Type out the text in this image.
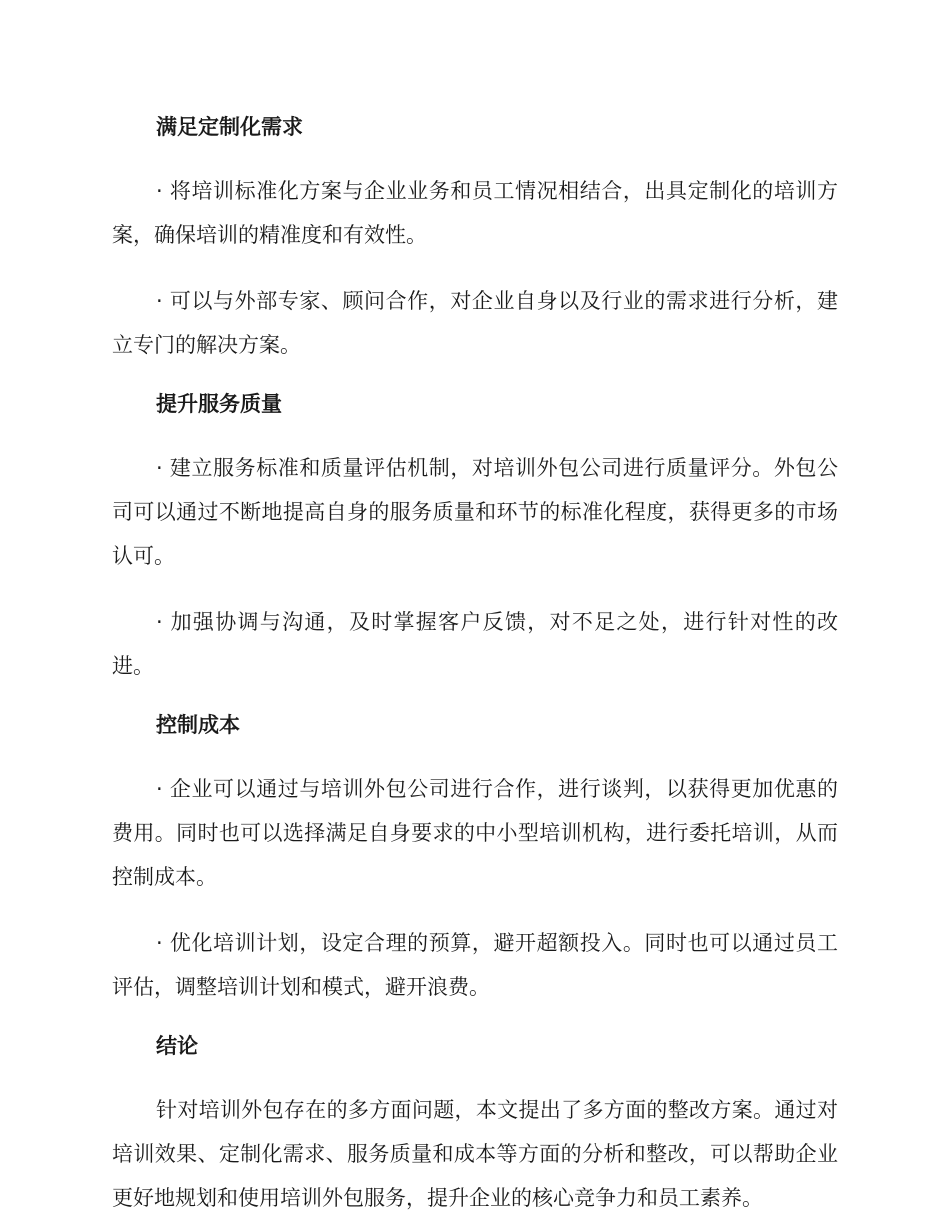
满足定制化需求

· 将培训标准化方案与企业业务和员工情况相结合，出具定制化的培训方案，确保培训的精准度和有效性。

· 可以与外部专家、顾问合作，对企业自身以及行业的需求进行分析，建立专门的解决方案。

提升服务质量

· 建立服务标准和质量评估机制，对培训外包公司进行质量评分。外包公司可以通过不断地提高自身的服务质量和环节的标准化程度，获得更多的市场认可。

· 加强协调与沟通，及时掌握客户反馈，对不足之处，进行针对性的改进。

控制成本

· 企业可以通过与培训外包公司进行合作，进行谈判，以获得更加优惠的费用。同时也可以选择满足自身要求的中小型培训机构，进行委托培训，从而控制成本。

· 优化培训计划，设定合理的预算，避开超额投入。同时也可以通过员工评估，调整培训计划和模式，避开浪费。

结论

针对培训外包存在的多方面问题，本文提出了多方面的整改方案。通过对培训效果、定制化需求、服务质量和成本等方面的分析和整改，可以帮助企业更好地规划和使用培训外包服务，提升企业的核心竞争力和员工素养。
